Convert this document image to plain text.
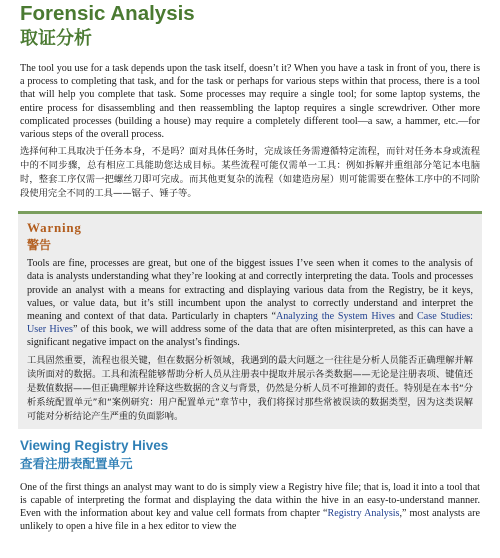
Forensic Analysis
取证分析

The tool you use for a task depends upon the task itself, doesn’t it? When you have a task in front of you, there is a process to completing that task, and for the task or perhaps for various steps within that process, there is a tool that will help you complete that task. Some processes may require a single tool; for some laptop systems, the entire process for disassembling and then reassembling the laptop requires a single screwdriver. Other more complicated processes (building a house) may require a completely different tool—a saw, a hammer, etc.—for various steps of the overall process.

选择何种工具取决于任务本身，不是吗？面对具体任务时，完成该任务需遵循特定流程，而针对任务本身或流程中的不同步骤，总有相应工具能助您达成目标。某些流程可能仅需单一工具：例如拆解并重组部分笔记本电脑时，整套工序仅需一把螺丝刀即可完成。而其他更复杂的流程（如建造房屋）则可能需要在整体工序中的不同阶段使用完全不同的工具——锯子、锤子等。

Warning
警告

Tools are fine, processes are great, but one of the biggest issues I’ve seen when it comes to the analysis of data is analysts understanding what they’re looking at and correctly interpreting the data. Tools and processes provide an analyst with a means for extracting and displaying various data from the Registry, be it keys, values, or value data, but it’s still incumbent upon the analyst to correctly understand and interpret the meaning and context of that data. Particularly in chapters “Analyzing the System Hives and Case Studies: User Hives” of this book, we will address some of the data that are often misinterpreted, as this can have a significant negative impact on the analyst’s findings.

工具固然重要，流程也很关键，但在数据分析领域，我遇到的最大问题之一往往是分析人员能否正确理解并解读所面对的数据。工具和流程能够帮助分析人员从注册表中提取并展示各类数据——无论是注册表项、键值还是数值数据——但正确理解并诠释这些数据的含义与背景，仍然是分析人员不可推卸的责任。特别是在本书“分析系统配置单元”和“案例研究：用户配置单元”章节中，我们将探讨那些常被误读的数据类型，因为这类误解可能对分析结论产生严重的负面影响。

Viewing Registry Hives
查看注册表配置单元

One of the first things an analyst may want to do is simply view a Registry hive file; that is, load it into a tool that is capable of interpreting the format and displaying the data within the hive in an easy-to-understand manner. Even with the information about key and value cell formats from chapter “Registry Analysis,” most analysts are unlikely to open a hive file in a hex editor to view the
